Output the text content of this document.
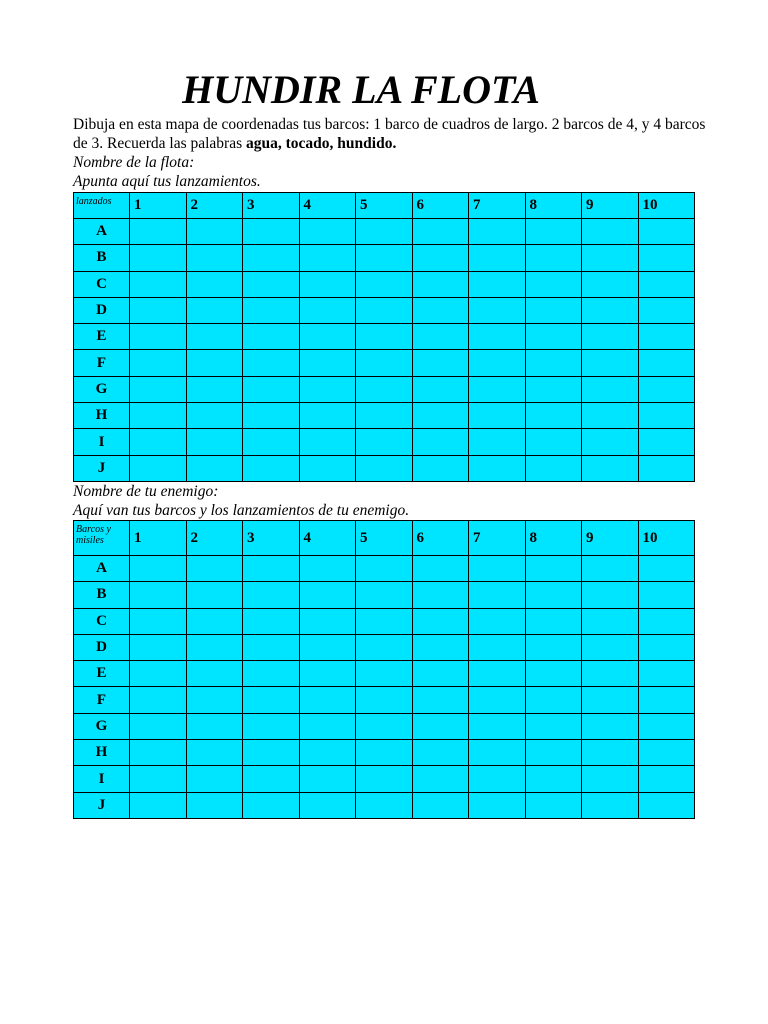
HUNDIR LA FLOTA

Dibuja en esta mapa de coordenadas tus barcos: 1 barco de cuadros de largo. 2 barcos de 4, y 4 barcos de 3. Recuerda las palabras agua, tocado, hundido.

Nombre de la flota:

Apunta aquí tus lanzamientos.

lanzados	1	2	3	4	5	6	7	8	9	10
A										
B										
C										
D										
E										
F										
G										
H										
I										
J										

Nombre de tu enemigo:

Aquí van tus barcos y los lanzamientos de tu enemigo.

Barcos y misiles	1	2	3	4	5	6	7	8	9	10
A										
B										
C										
D										
E										
F										
G										
H										
I										
J										
